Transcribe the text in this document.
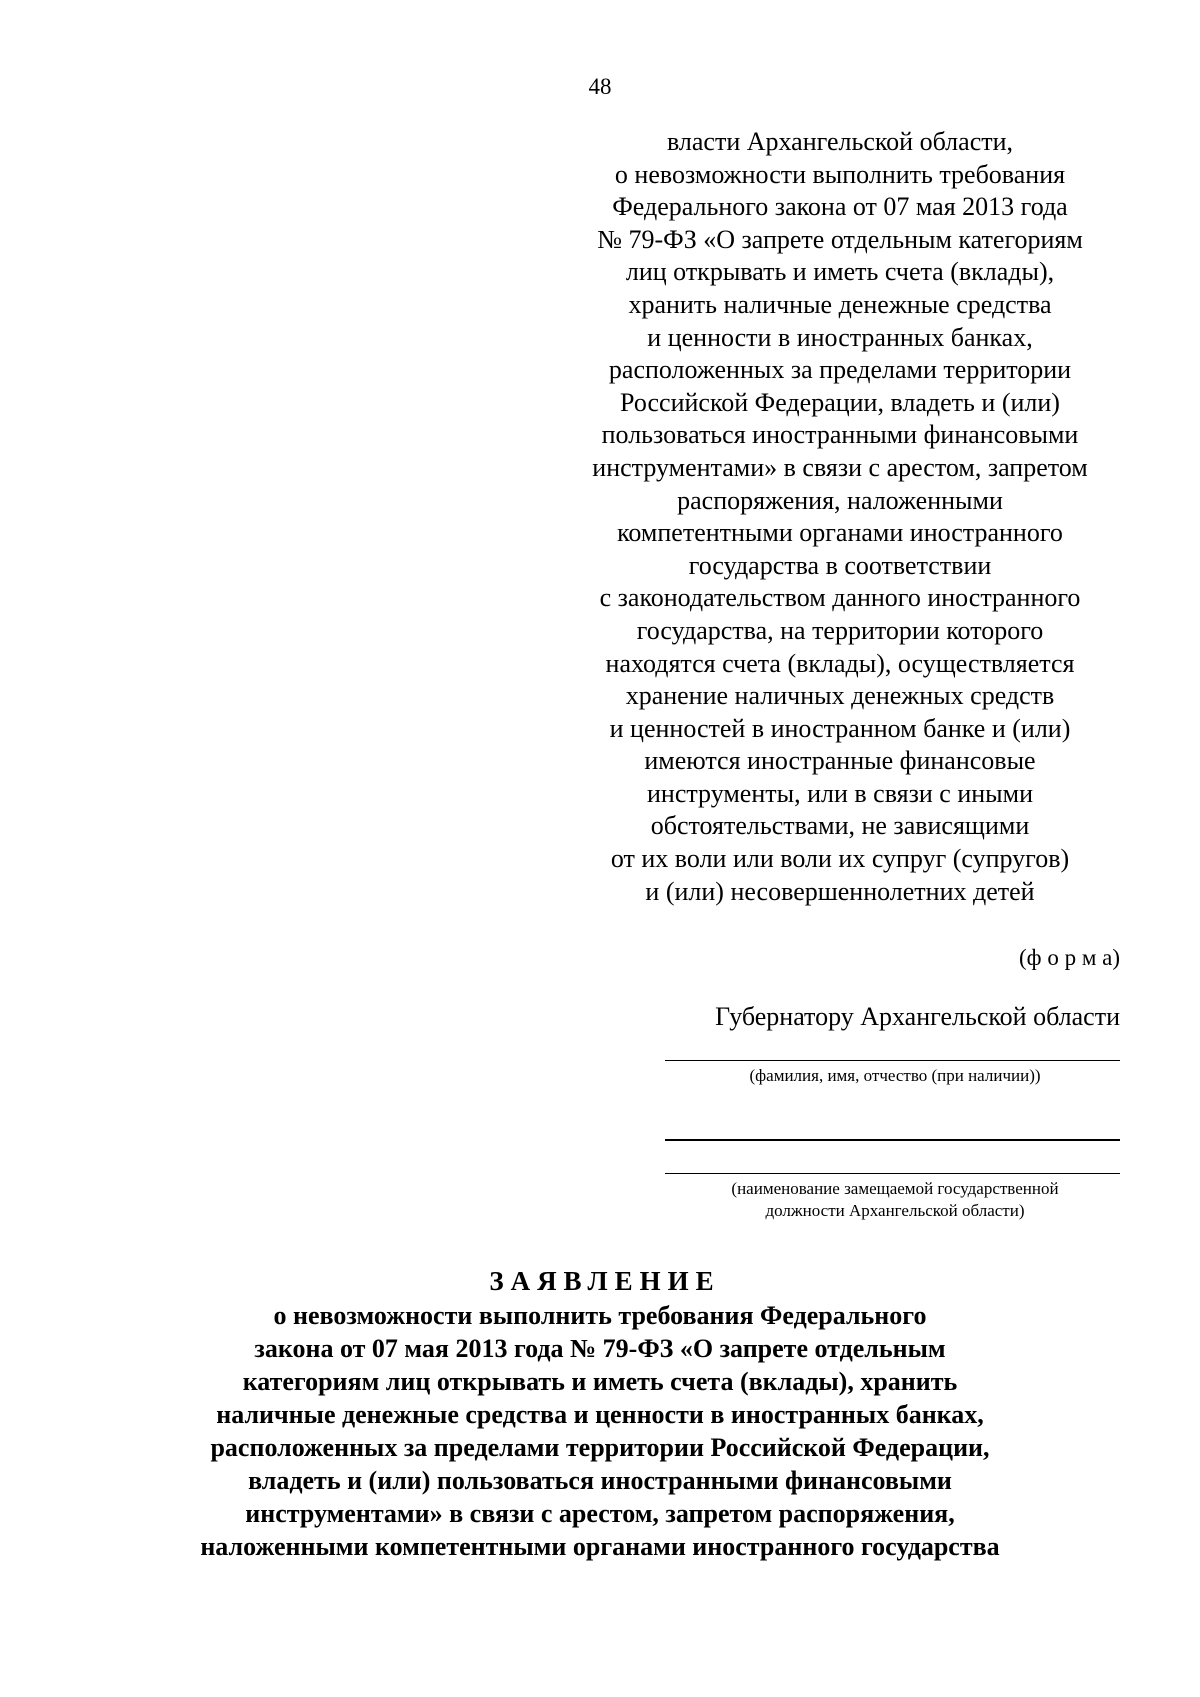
48
власти Архангельской области,
о невозможности выполнить требования
Федерального закона от 07 мая 2013 года
№ 79-ФЗ «О запрете отдельным категориям
лиц открывать и иметь счета (вклады),
хранить наличные денежные средства
и ценности в иностранных банках,
расположенных за пределами территории
Российской Федерации, владеть и (или)
пользоваться иностранными финансовыми
инструментами» в связи с арестом, запретом
распоряжения, наложенными
компетентными органами иностранного
государства в соответствии
с законодательством данного иностранного
государства, на территории которого
находятся счета (вклады), осуществляется
хранение наличных денежных средств
и ценностей в иностранном банке и (или)
имеются иностранные финансовые
инструменты, или в связи с иными
обстоятельствами, не зависящими
от их воли или воли их супруг (супругов)
и (или) несовершеннолетних детей
(ф о р м а)
Губернатору Архангельской области
(фамилия, имя, отчество (при наличии))
(наименование замещаемой государственной
должности Архангельской области)
ЗАЯВЛЕНИЕ
о невозможности выполнить требования Федерального
закона от 07 мая 2013 года № 79-ФЗ «О запрете отдельным
категориям лиц открывать и иметь счета (вклады), хранить
наличные денежные средства и ценности в иностранных банках,
расположенных за пределами территории Российской Федерации,
владеть и (или) пользоваться иностранными финансовыми
инструментами» в связи с арестом, запретом распоряжения,
наложенными компетентными органами иностранного государства
